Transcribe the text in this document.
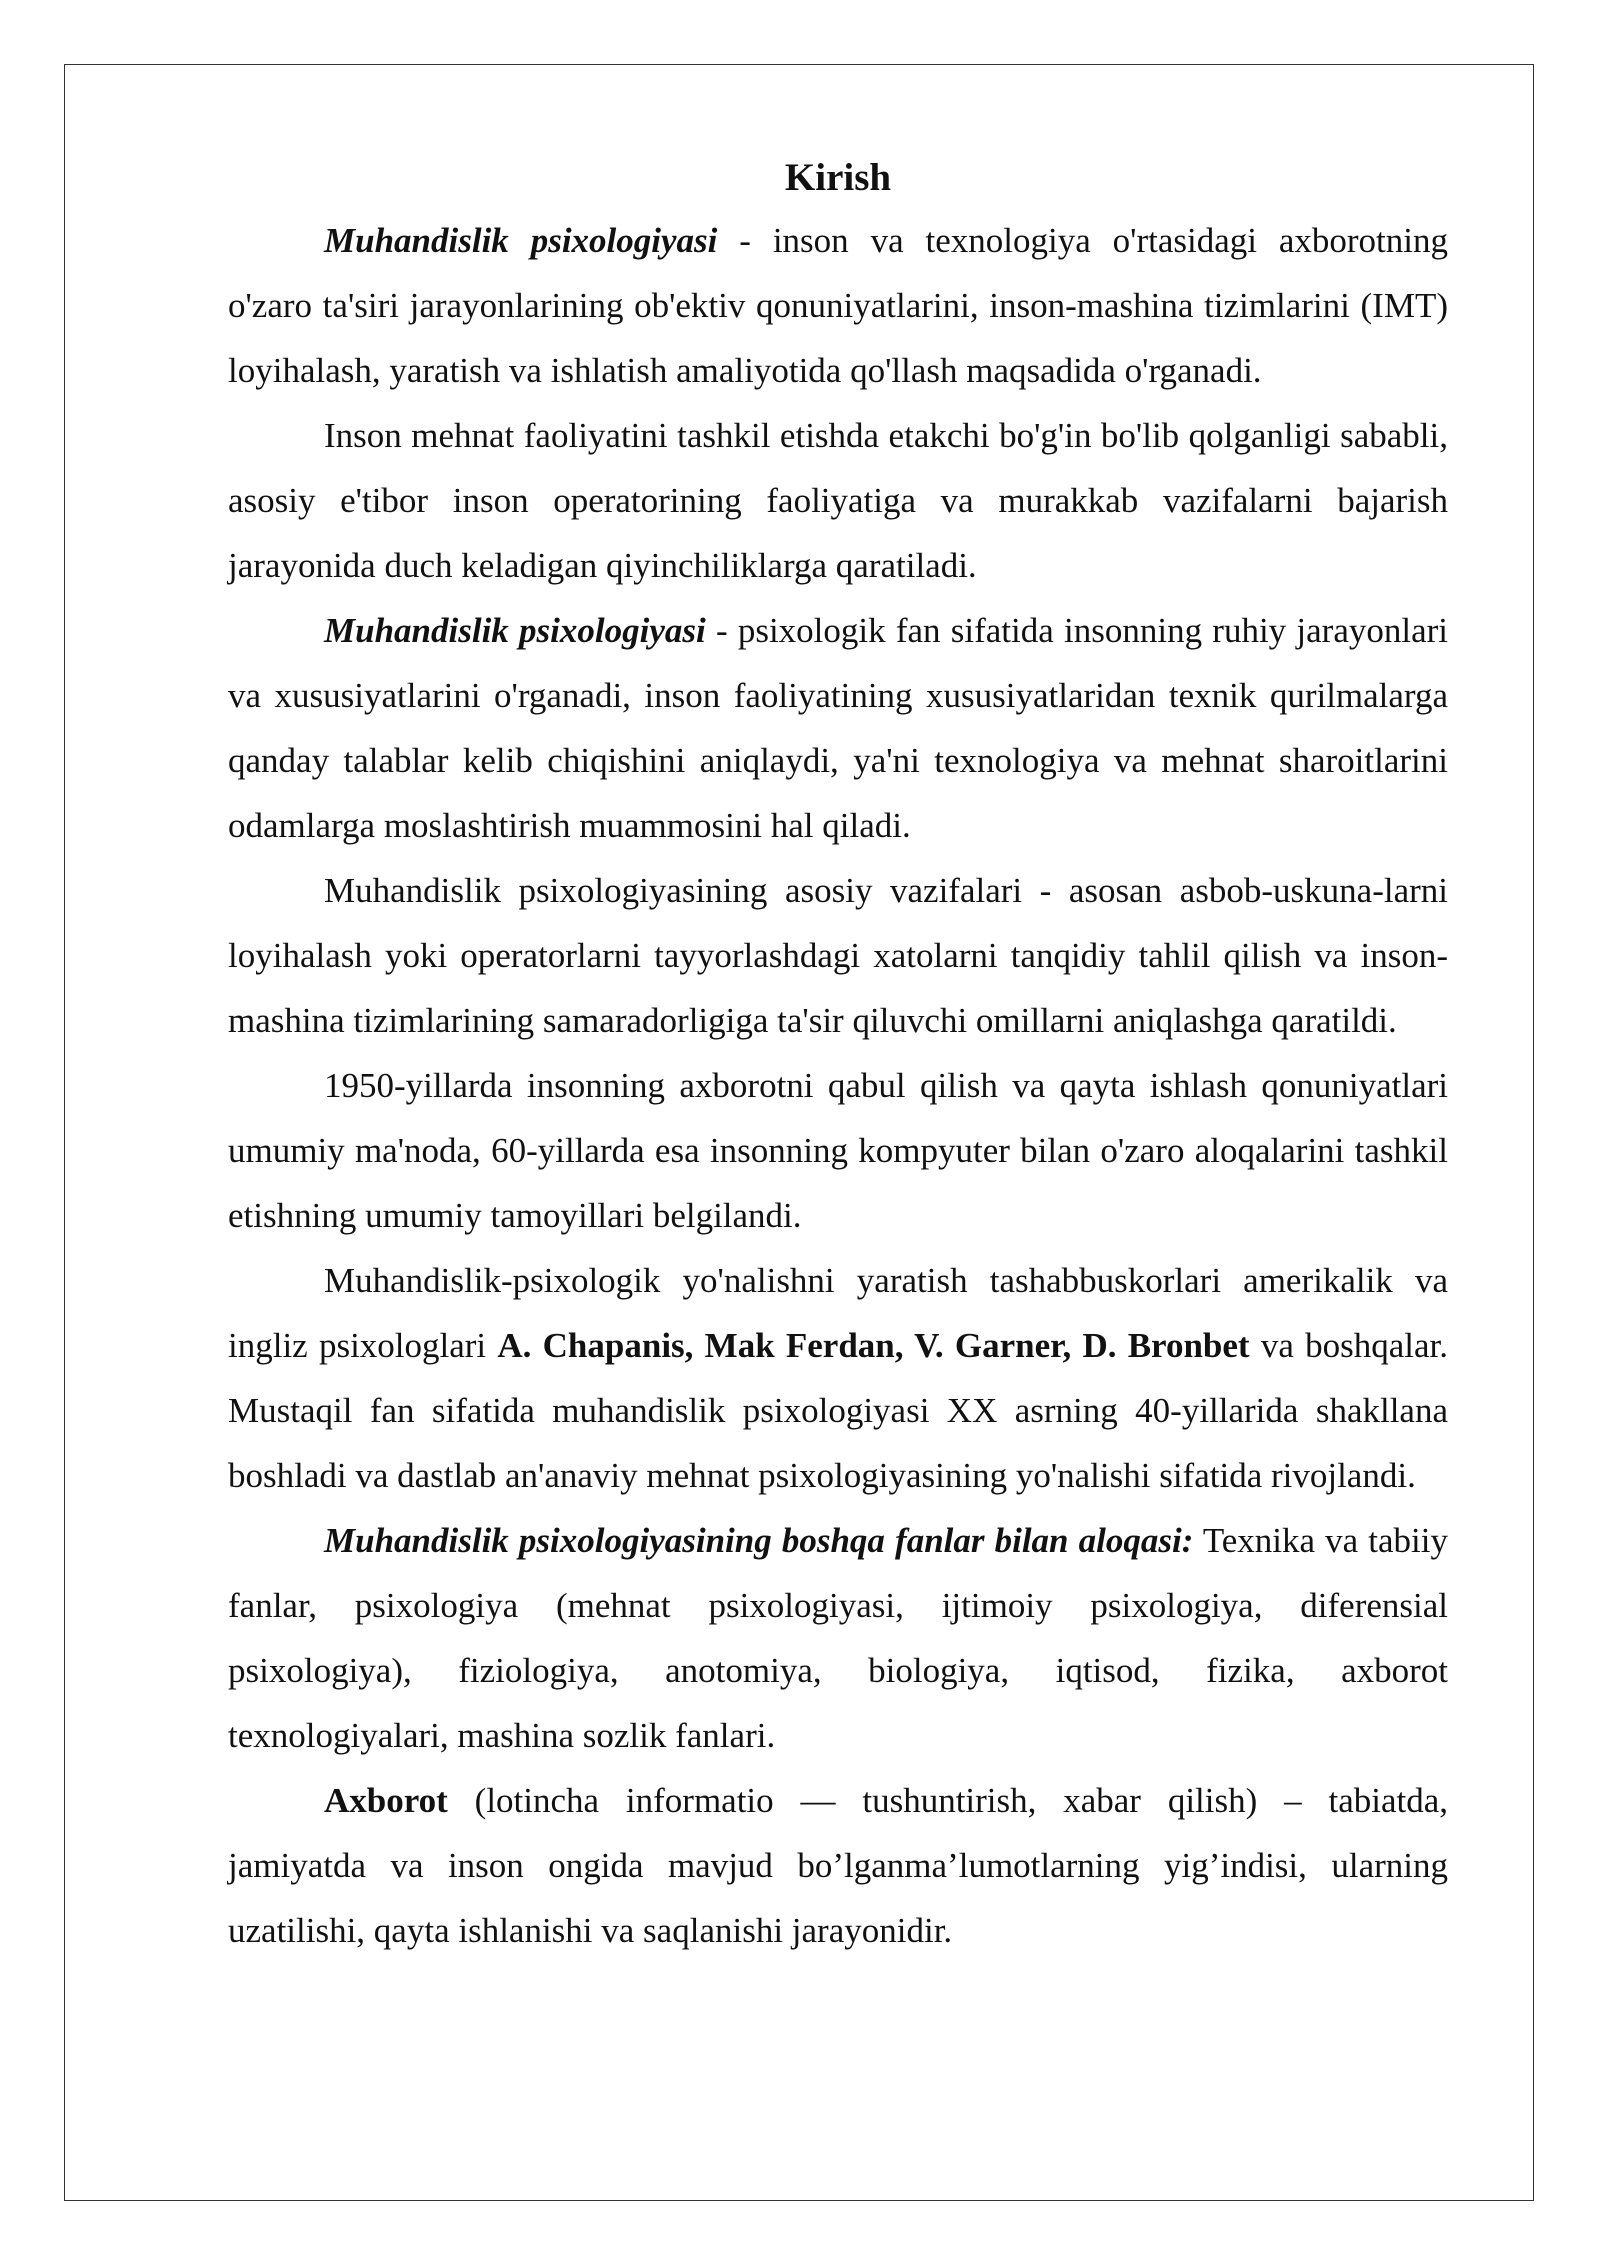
Kirish

Muhandislik psixologiyasi - inson va texnologiya o'rtasidagi axborotning o'zaro ta'siri jarayonlarining ob'ektiv qonuniyatlarini, inson-mashina tizimlarini (IMT) loyihalash, yaratish va ishlatish amaliyotida qo'llash maqsadida o'rganadi.

Inson mehnat faoliyatini tashkil etishda etakchi bo'g'in bo'lib qolganligi sababli, asosiy e'tibor inson operatorining faoliyatiga va murakkab vazifalarni bajarish jarayonida duch keladigan qiyinchiliklarga qaratiladi.

Muhandislik psixologiyasi - psixologik fan sifatida insonning ruhiy jarayonlari va xususiyatlarini o'rganadi, inson faoliyatining xususiyatlaridan texnik qurilmalarga qanday talablar kelib chiqishini aniqlaydi, ya'ni texnologiya va mehnat sharoitlarini odamlarga moslashtirish muammosini hal qiladi.

Muhandislik psixologiyasining asosiy vazifalari - asosan asbob-uskuna-larni loyihalash yoki operatorlarni tayyorlashdagi xatolarni tanqidiy tahlil qilish va inson-mashina tizimlarining samaradorligiga ta'sir qiluvchi omillarni aniqlashga qaratildi.

1950-yillarda insonning axborotni qabul qilish va qayta ishlash qonuniyatlari umumiy ma'noda, 60-yillarda esa insonning kompyuter bilan o'zaro aloqalarini tashkil etishning umumiy tamoyillari belgilandi.

Muhandislik-psixologik yo'nalishni yaratish tashabbuskorlari amerikalik va ingliz psixologlari A. Chapanis, Mak Ferdan, V. Garner, D. Bronbet va boshqalar. Mustaqil fan sifatida muhandislik psixologiyasi XX asrning 40-yillarida shakllana boshladi va dastlab an'anaviy mehnat psixologiyasining yo'nalishi sifatida rivojlandi.

Muhandislik psixologiyasining boshqa fanlar bilan aloqasi: Texnika va tabiiy fanlar, psixologiya (mehnat psixologiyasi, ijtimoiy psixologiya, diferensial psixologiya), fiziologiya, anotomiya, biologiya, iqtisod, fizika, axborot texnologiyalari, mashina sozlik fanlari.

Axborot (lotincha informatio — tushuntirish, xabar qilish) – tabiatda, jamiyatda va inson ongida mavjud bo’lganma’lumotlarning yig’indisi, ularning uzatilishi, qayta ishlanishi va saqlanishi jarayonidir.
